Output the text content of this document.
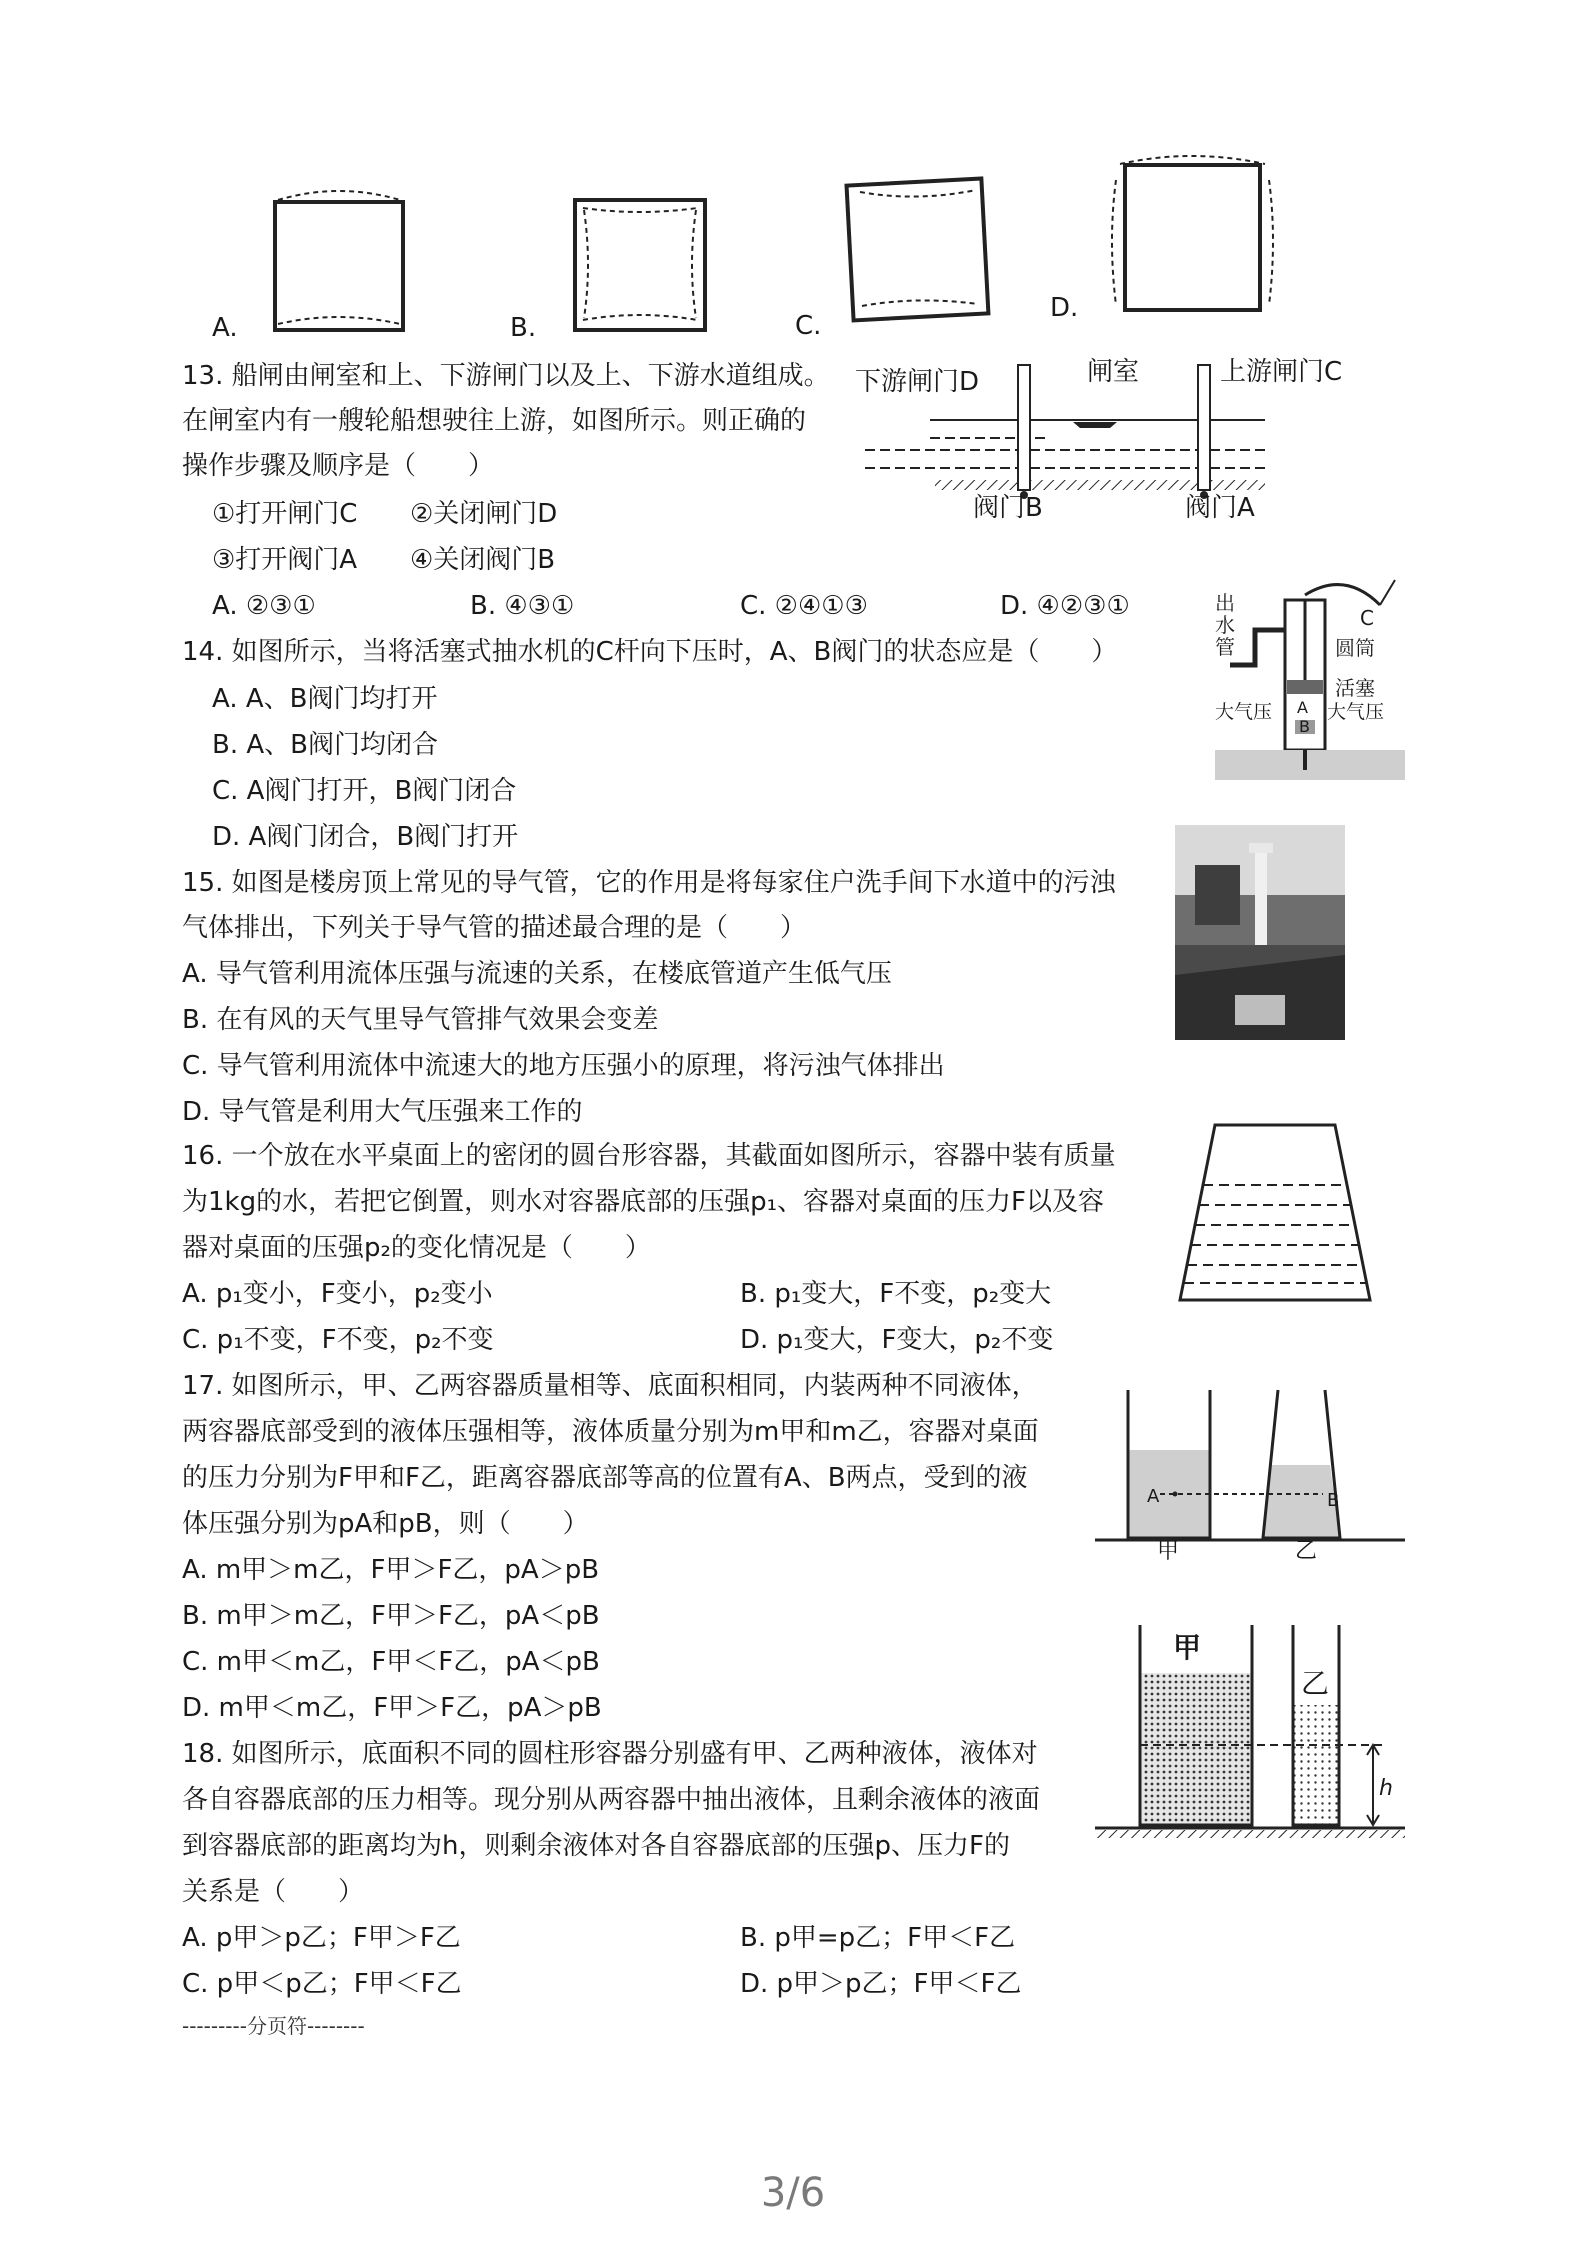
A.	B.	C.
D.
13. 船闸由闸室和上、下游闸门以及上、下游水道组成。
在闸室内有一艘轮船想驶往上游，如图所示。则正确的
操作步骤及顺序是（　　）
①打开闸门C ②关闭闸门D
③打开阀门A ④关闭阀门B
A. ②③①	B. ④③①	C. ②④①③	D. ④②③①
下游闸门D	闸室	上游闸门C
阀门B	阀门A
14. 如图所示，当将活塞式抽水机的C杆向下压时，A、B阀门的状态应是（　　）
A. A、B阀门均打开
B. A、B阀门均闭合
C. A阀门打开，B阀门闭合
D. A阀门闭合，B阀门打开
出
水
管
C
圆筒
活塞
大气压	大气压
A
B
15. 如图是楼房顶上常见的导气管，它的作用是将每家住户洗手间下水道中的污浊
气体排出，下列关于导气管的描述最合理的是（　　）
A. 导气管利用流体压强与流速的关系，在楼底管道产生低气压
B. 在有风的天气里导气管排气效果会变差
C. 导气管利用流体中流速大的地方压强小的原理，将污浊气体排出
D. 导气管是利用大气压强来工作的
16. 一个放在水平桌面上的密闭的圆台形容器，其截面如图所示，容器中装有质量
为1kg的水，若把它倒置，则水对容器底部的压强p₁、容器对桌面的压力F以及容
器对桌面的压强p₂的变化情况是（　　）
A. p₁变小，F变小，p₂变小	B. p₁变大，F不变，p₂变大
C. p₁不变，F不变，p₂不变	D. p₁变大，F变大，p₂不变
17. 如图所示，甲、乙两容器质量相等、底面积相同，内装两种不同液体，
两容器底部受到的液体压强相等，液体质量分别为m甲和m乙，容器对桌面
的压力分别为F甲和F乙，距离容器底部等高的位置有A、B两点，受到的液
体压强分别为pA和pB，则（　　）
A. m甲＞m乙，F甲＞F乙，pA＞pB
B. m甲＞m乙，F甲＞F乙，pA＜pB
C. m甲＜m乙，F甲＜F乙，pA＜pB
D. m甲＜m乙，F甲＞F乙，pA＞pB
A	B
甲	乙
18. 如图所示，底面积不同的圆柱形容器分别盛有甲、乙两种液体，液体对
各自容器底部的压力相等。现分别从两容器中抽出液体，且剩余液体的液面
到容器底部的距离均为h，则剩余液体对各自容器底部的压强p、压力F的
关系是（　　）
A. p甲＞p乙；F甲＞F乙	B. p甲=p乙；F甲＜F乙
C. p甲＜p乙；F甲＜F乙	D. p甲＞p乙；F甲＜F乙
甲
乙
h
---------分页符--------
3/6
